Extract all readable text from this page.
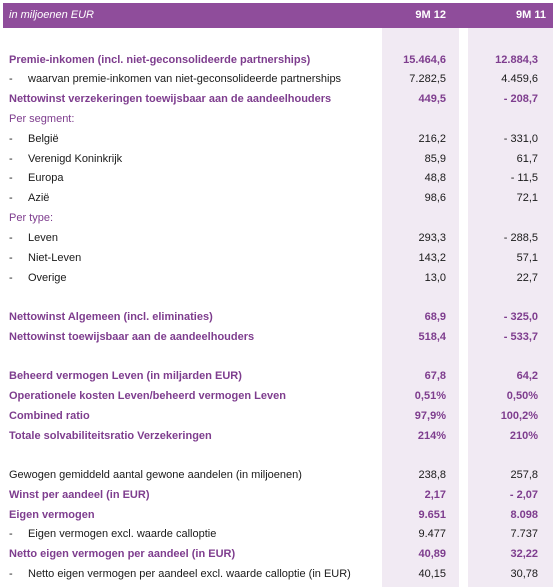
in miljoenen EUR	9M 12	9M 11
Premie-inkomen (incl. niet-geconsolideerde partnerships)	15.464,6	12.884,3
- waarvan premie-inkomen van niet-geconsolideerde partnerships	7.282,5	4.459,6
Nettowinst verzekeringen toewijsbaar aan de aandeelhouders	449,5	- 208,7
Per segment:
- België	216,2	- 331,0
- Verenigd Koninkrijk	85,9	61,7
- Europa	48,8	- 11,5
- Azië	98,6	72,1
Per type:
- Leven	293,3	- 288,5
- Niet-Leven	143,2	57,1
- Overige	13,0	22,7
Nettowinst Algemeen (incl. eliminaties)	68,9	- 325,0
Nettowinst toewijsbaar aan de aandeelhouders	518,4	- 533,7
Beheerd vermogen Leven (in miljarden EUR)	67,8	64,2
Operationele kosten Leven/beheerd vermogen Leven	0,51%	0,50%
Combined ratio	97,9%	100,2%
Totale solvabiliteitsratio Verzekeringen	214%	210%
Gewogen gemiddeld aantal gewone aandelen (in miljoenen)	238,8	257,8
Winst per aandeel (in EUR)	2,17	- 2,07
Eigen vermogen	9.651	8.098
- Eigen vermogen excl. waarde calloptie	9.477	7.737
Netto eigen vermogen per aandeel (in EUR)	40,89	32,22
- Netto eigen vermogen per aandeel excl. waarde calloptie (in EUR)	40,15	30,78
